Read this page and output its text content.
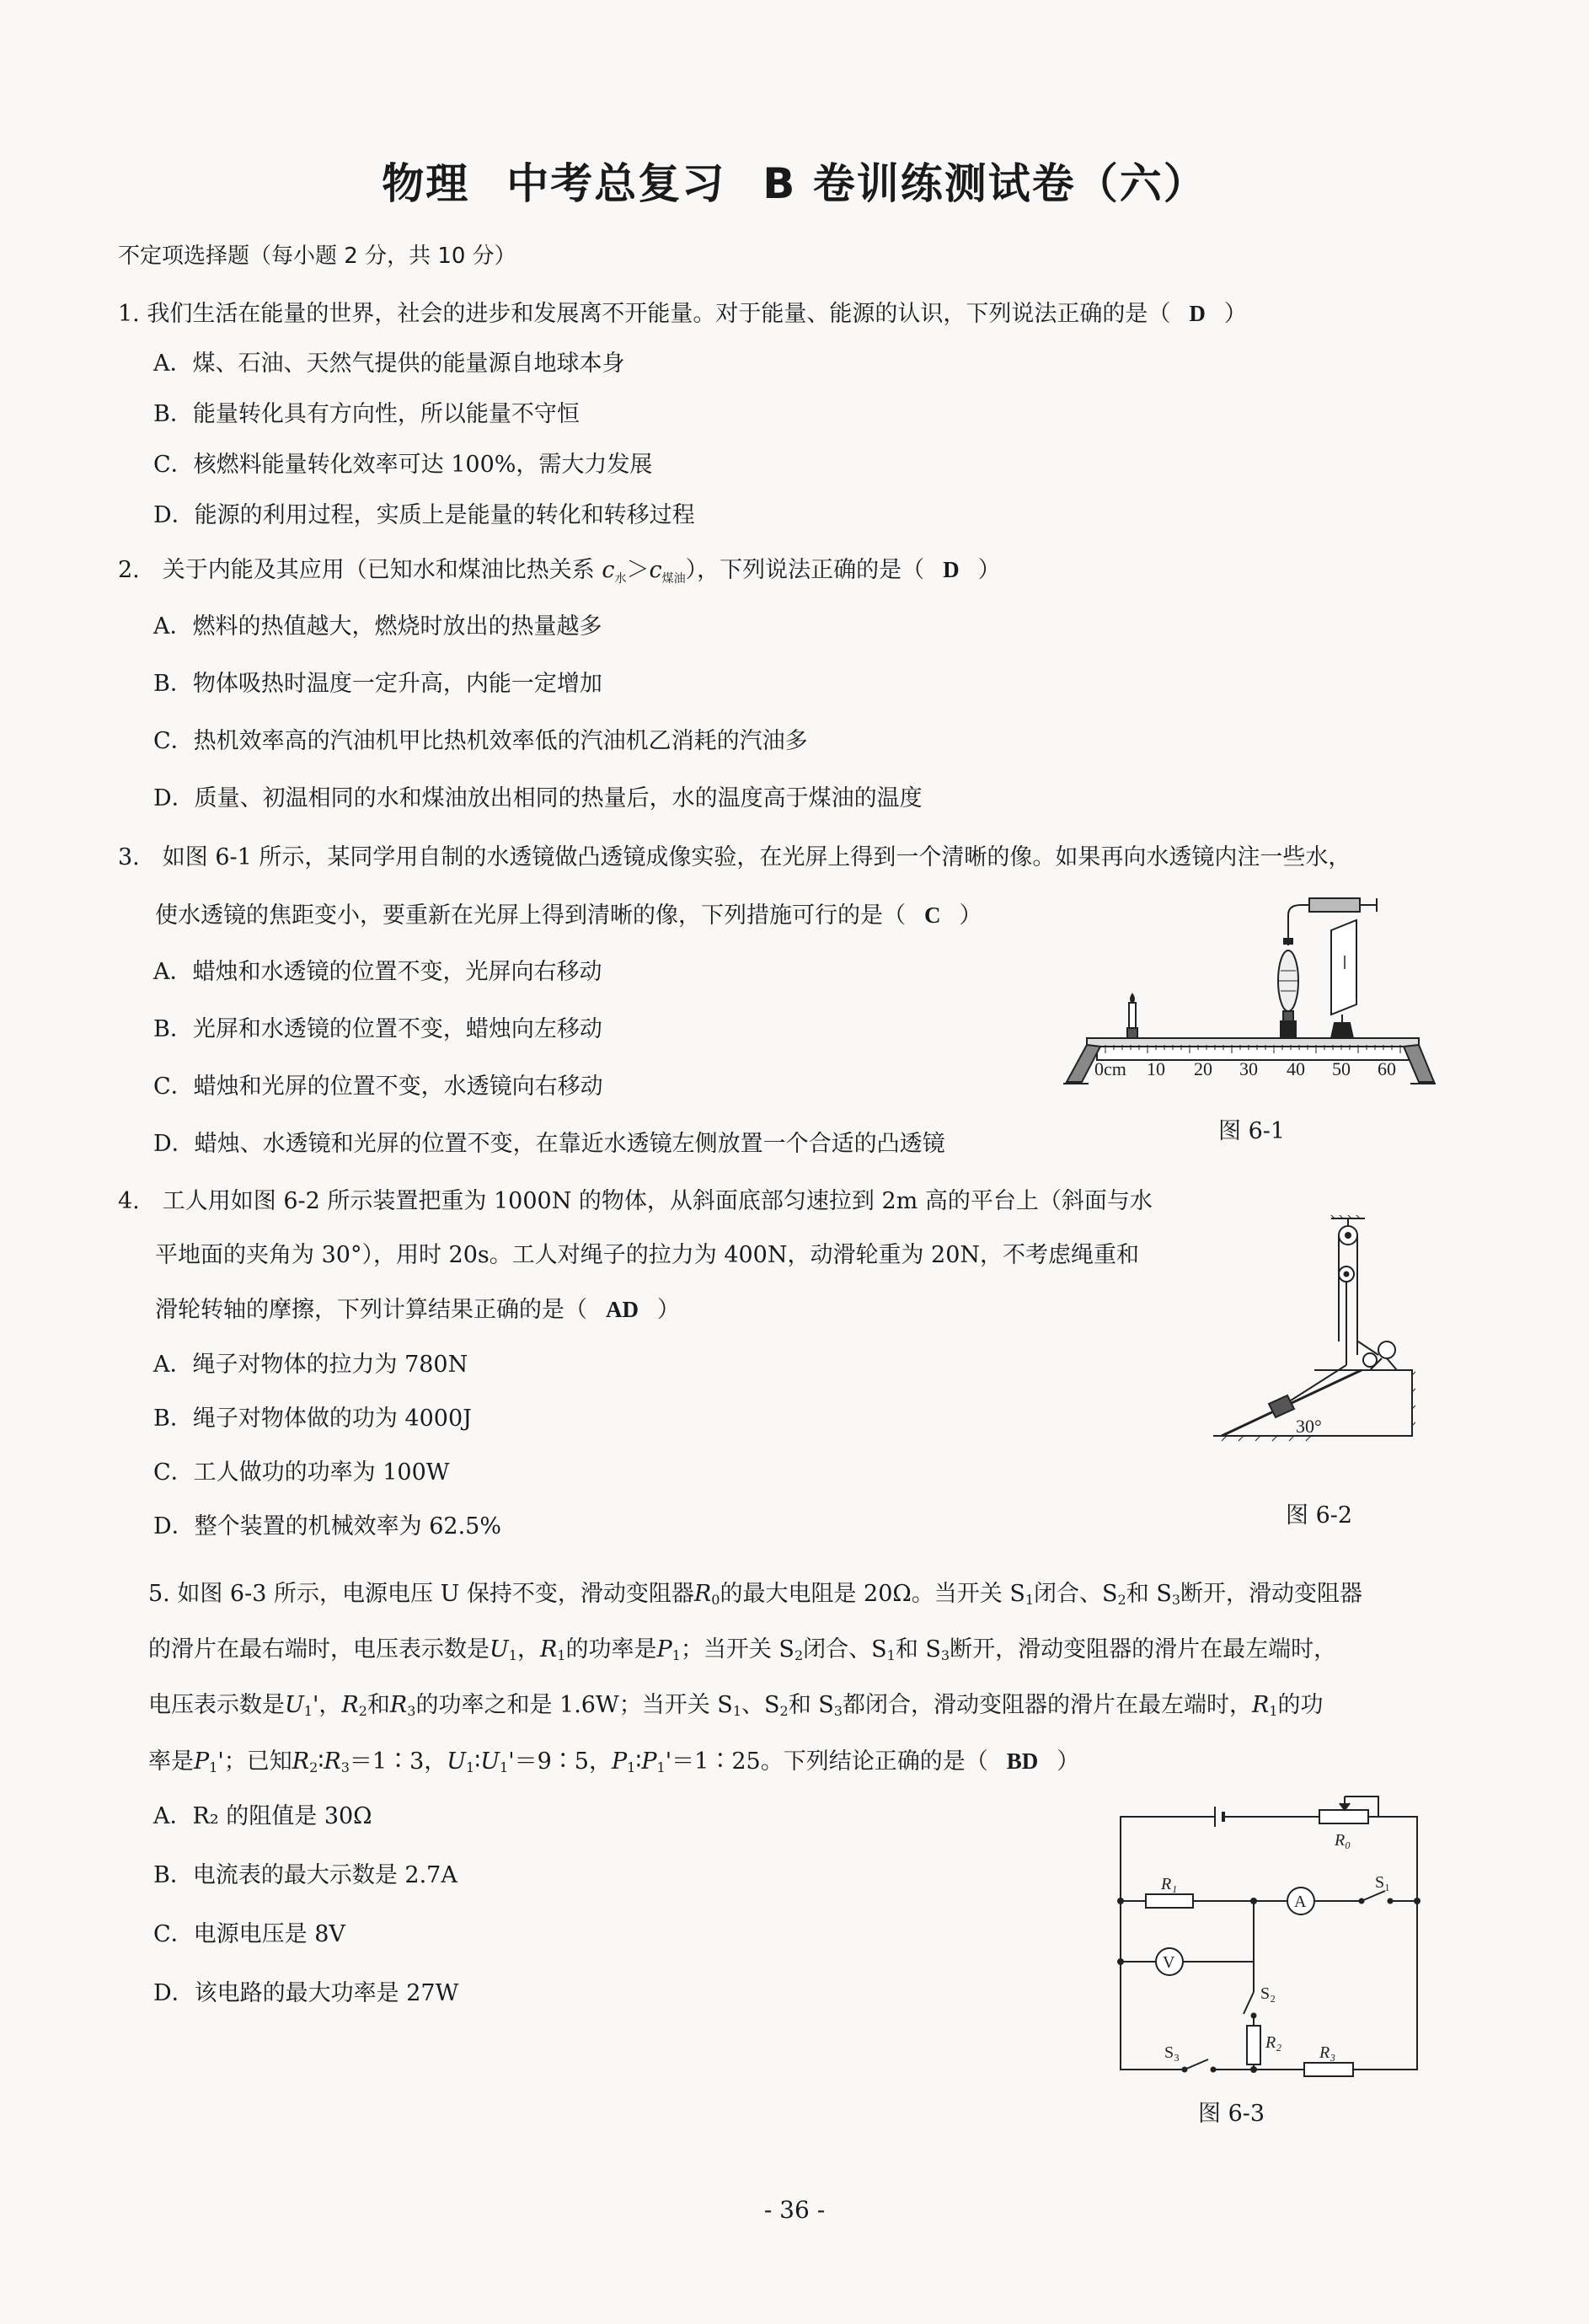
物理 中考总复习 B 卷训练测试卷（六）
不定项选择题（每小题 2 分，共 10 分）
1. 我们生活在能量的世界，社会的进步和发展离不开能量。对于能量、能源的认识，下列说法正确的是（ D ）
A．煤、石油、天然气提供的能量源自地球本身
B．能量转化具有方向性，所以能量不守恒
C．核燃料能量转化效率可达 100%，需大力发展
D．能源的利用过程，实质上是能量的转化和转移过程
2.　关于内能及其应用（已知水和煤油比热关系 $c_水>c_{煤油}$），下列说法正确的是（ D ）
A．燃料的热值越大，燃烧时放出的热量越多
B．物体吸热时温度一定升高，内能一定增加
C．热机效率高的汽油机甲比热机效率低的汽油机乙消耗的汽油多
D．质量、初温相同的水和煤油放出相同的热量后，水的温度高于煤油的温度
3.　如图 6-1 所示，某同学用自制的水透镜做凸透镜成像实验，在光屏上得到一个清晰的像。如果再向水透镜内注一些水，
使水透镜的焦距变小，要重新在光屏上得到清晰的像，下列措施可行的是（ C ）
A．蜡烛和水透镜的位置不变，光屏向右移动
B．光屏和水透镜的位置不变，蜡烛向左移动
C．蜡烛和光屏的位置不变，水透镜向右移动
D．蜡烛、水透镜和光屏的位置不变，在靠近水透镜左侧放置一个合适的凸透镜
0cm 10 20 30 40 50 60
图 6-1
4.　工人用如图 6-2 所示装置把重为 1000N 的物体，从斜面底部匀速拉到 2m 高的平台上（斜面与水
平地面的夹角为 30°），用时 20s。工人对绳子的拉力为 400N，动滑轮重为 20N，不考虑绳重和
滑轮转轴的摩擦，下列计算结果正确的是（ AD ）
A．绳子对物体的拉力为 780N
B．绳子对物体做的功为 4000J
C．工人做功的功率为 100W
D．整个装置的机械效率为 62.5%
30°
图 6-2
5. 如图 6-3 所示，电源电压 U 保持不变，滑动变阻器$R_0$的最大电阻是 20Ω。当开关 $S_1$闭合、$S_2$和 $S_3$断开，滑动变阻器
的滑片在最右端时，电压表示数是$U_1$，$R_1$的功率是$P_1$；当开关 $S_2$闭合、$S_1$和 $S_3$断开，滑动变阻器的滑片在最左端时，
电压表示数是$U_1'$，$R_2$和$R_3$的功率之和是 1.6W；当开关 $S_1$、$S_2$和 $S_3$都闭合，滑动变阻器的滑片在最左端时，$R_1$的功
率是$P_1'$；已知$R_2∶R_3=1∶3$，$U_1∶U_1'=9∶5$，$P_1∶P_1'=1∶25$。下列结论正确的是（ BD ）
A．R₂ 的阻值是 30Ω
B．电流表的最大示数是 2.7A
C．电源电压是 8V
D．该电路的最大功率是 27W
R₀
R₁
A
S₁
V
S₂
R₂
R₃
S₃
图 6-3
- 36 -
